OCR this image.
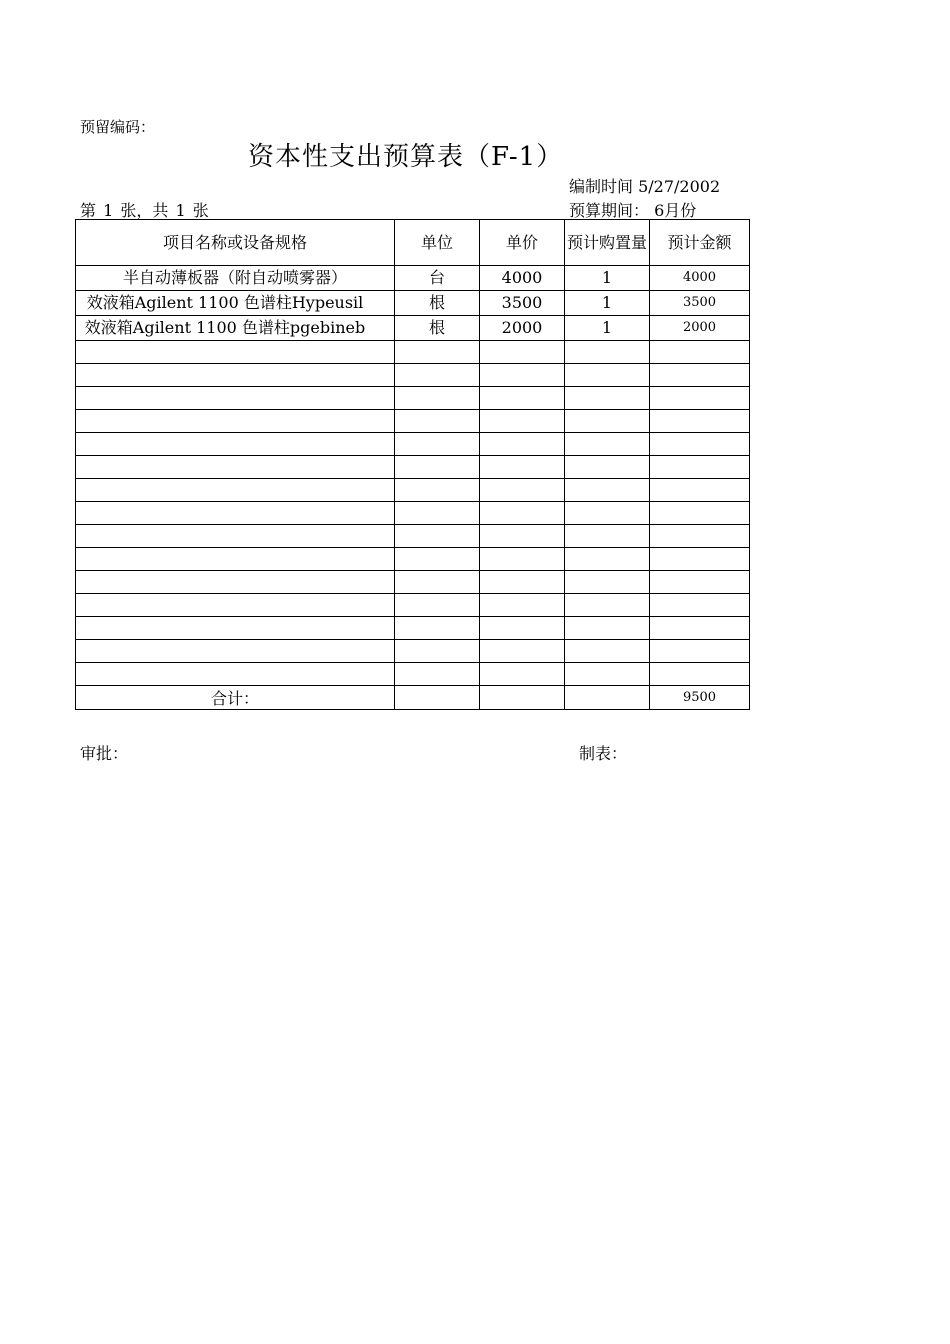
预留编码：
资本性支出预算表（F-1）
编制时间 5/27/2002
第 1 张，共 1 张	预算期间： 6月份
项目名称或设备规格	单位	单价	预计购置量	预计金额
半自动薄板器（附自动喷雾器）	台	4000	1	4000
效液箱Agilent 1100 色谱柱Hypeusil	根	3500	1	3500
效液箱Agilent 1100 色谱柱pgebineb	根	2000	1	2000

合计：				9500
审批：	制表：
